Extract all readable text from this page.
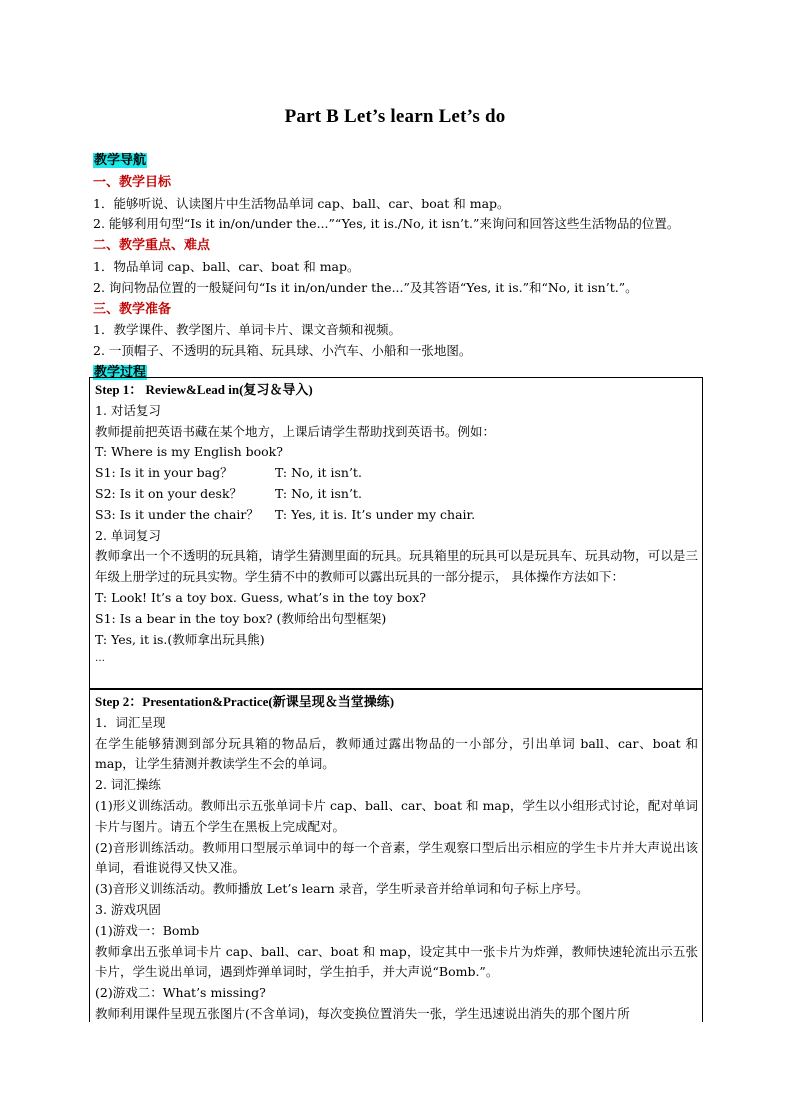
Part B Let’s learn Let’s do
教学导航
一、教学目标
1．能够听说、认读图片中生活物品单词 cap、ball、car、boat 和 map。
2. 能够利用句型“Is it in/on/under the...”“Yes, it is./No, it isn’t.”来询问和回答这些生活物品的位置。
二、教学重点、难点
1．物品单词 cap、ball、car、boat 和 map。
2. 询问物品位置的一般疑问句“Is it in/on/under the...”及其答语“Yes, it is.”和“No, it isn’t.”。
三、教学准备
1．教学课件、教学图片、单词卡片、课文音频和视频。
2. 一顶帽子、不透明的玩具箱、玩具球、小汽车、小船和一张地图。
教学过程
Step 1： Review&Lead in(复习＆导入)
1. 对话复习
教师提前把英语书藏在某个地方，上课后请学生帮助找到英语书。例如：
T: Where is my English book?
S1: Is it in your bag？	T: No, it isn’t.
S2: Is it on your desk？	T: No, it isn’t.
S3: Is it under the chair？	T: Yes, it is. It’s under my chair.
2. 单词复习
教师拿出一个不透明的玩具箱，请学生猜测里面的玩具。玩具箱里的玩具可以是玩具车、玩具动物，可以是三年级上册学过的玩具实物。学生猜不中的教师可以露出玩具的一部分提示， 具体操作方法如下：
T: Look! It’s a toy box. Guess, what’s in the toy box?
S1: Is a bear in the toy box? (教师给出句型框架)
T: Yes, it is.(教师拿出玩具熊)
…
Step 2：Presentation&Practice(新课呈现＆当堂操练)
1．词汇呈现
在学生能够猜测到部分玩具箱的物品后，教师通过露出物品的一小部分，引出单词 ball、car、boat 和 map，让学生猜测并教读学生不会的单词。
2. 词汇操练
(1)形义训练活动。教师出示五张单词卡片 cap、ball、car、boat 和 map，学生以小组形式讨论，配对单词卡片与图片。请五个学生在黑板上完成配对。
(2)音形训练活动。教师用口型展示单词中的每一个音素，学生观察口型后出示相应的学生卡片并大声说出该单词，看谁说得又快又准。
(3)音形义训练活动。教师播放 Let’s learn 录音，学生听录音并给单词和句子标上序号。
3. 游戏巩固
(1)游戏一：Bomb
教师拿出五张单词卡片 cap、ball、car、boat 和 map，设定其中一张卡片为炸弹，教师快速轮流出示五张卡片，学生说出单词，遇到炸弹单词时，学生拍手，并大声说“Bomb.”。
(2)游戏二：What’s missing?
教师利用课件呈现五张图片(不含单词)，每次变换位置消失一张，学生迅速说出消失的那个图片所
